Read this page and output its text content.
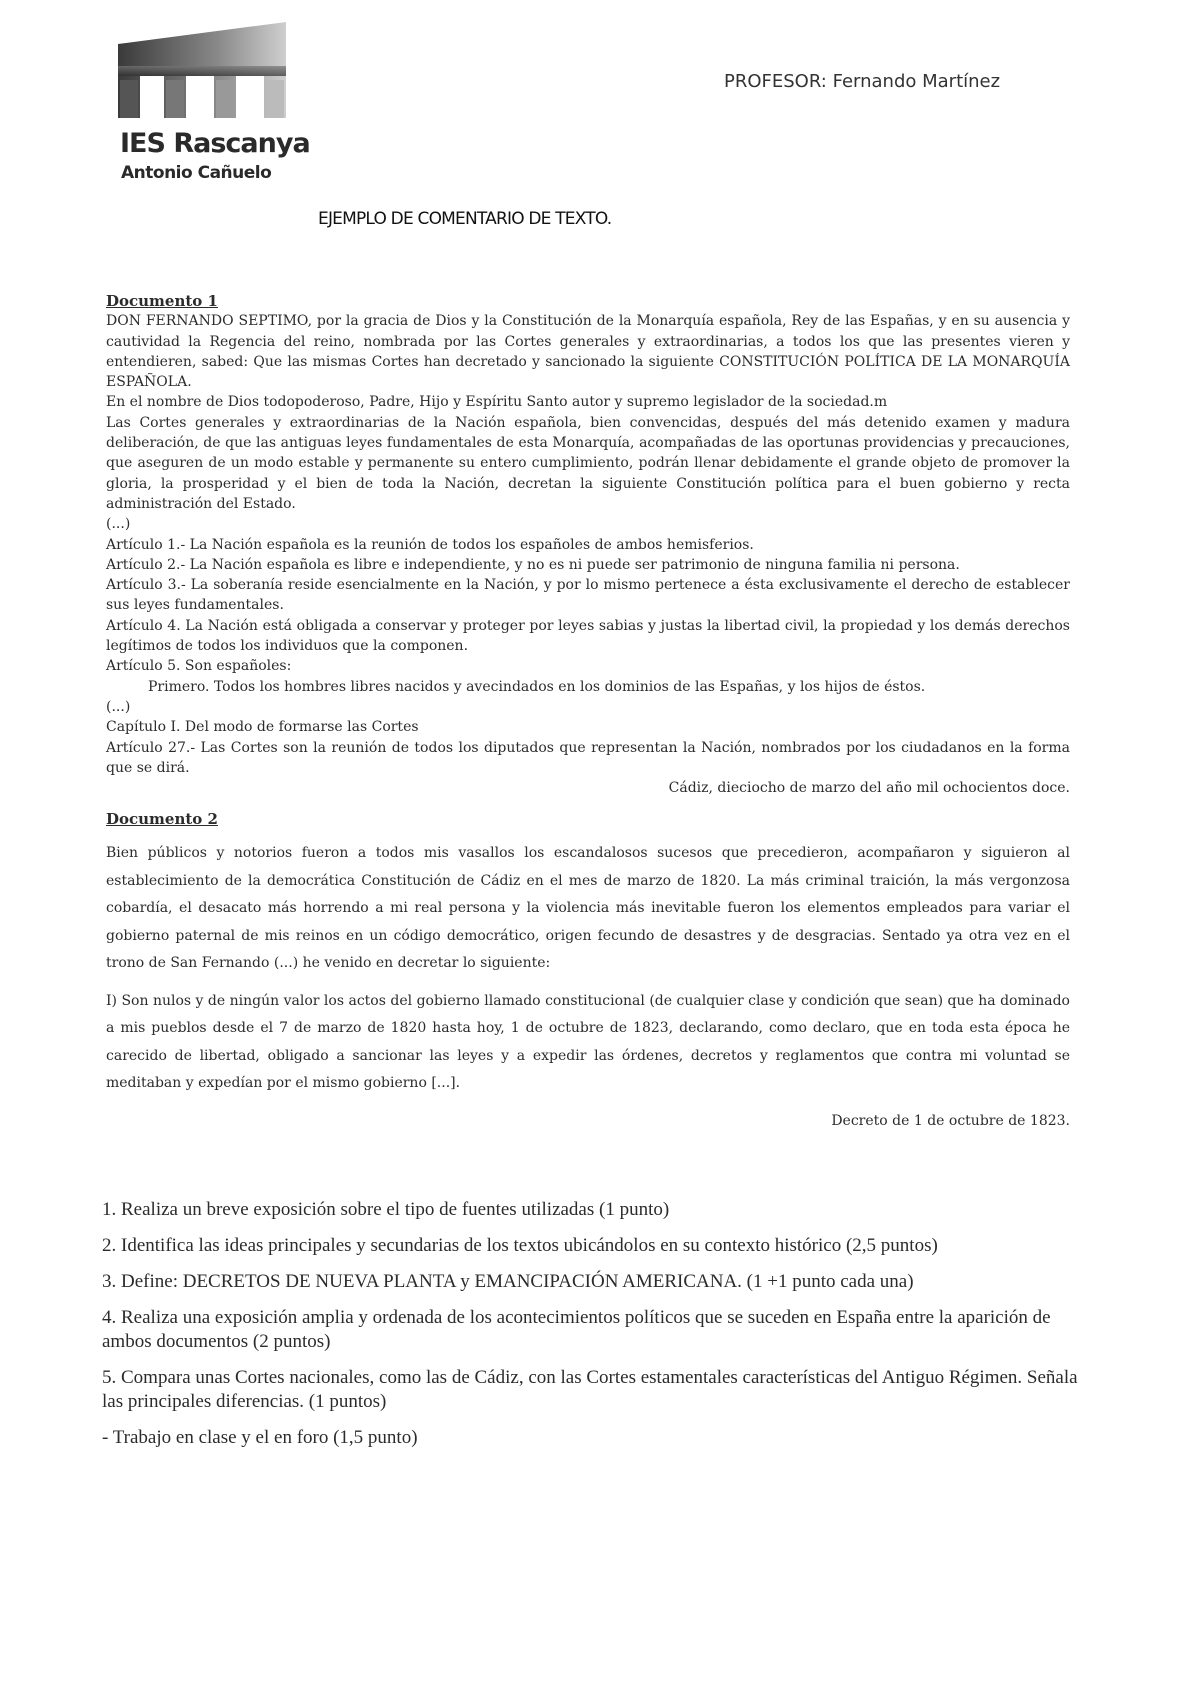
IES Rascanya
Antonio Cañuelo
PROFESOR: Fernando Martínez
EJEMPLO DE COMENTARIO DE TEXTO.

Documento 1

DON FERNANDO SEPTIMO, por la gracia de Dios y la Constitución de la Monarquía española, Rey de las Españas, y en su ausencia y cautividad la Regencia del reino, nombrada por las Cortes generales y extraordinarias, a todos los que las presentes vieren y entendieren, sabed: Que las mismas Cortes han decretado y sancionado la siguiente CONSTITUCIÓN POLÍTICA DE LA MONARQUÍA ESPAÑOLA.

En el nombre de Dios todopoderoso, Padre, Hijo y Espíritu Santo autor y supremo legislador de la sociedad.m

Las Cortes generales y extraordinarias de la Nación española, bien convencidas, después del más detenido examen y madura deliberación, de que las antiguas leyes fundamentales de esta Monarquía, acompañadas de las oportunas providencias y precauciones, que aseguren de un modo estable y permanente su entero cumplimiento, podrán llenar debidamente el grande objeto de promover la gloria, la prosperidad y el bien de toda la Nación, decretan la siguiente Constitución política para el buen gobierno y recta administración del Estado.

(...)

Artículo 1.- La Nación española es la reunión de todos los españoles de ambos hemisferios.

Artículo 2.- La Nación española es libre e independiente, y no es ni puede ser patrimonio de ninguna familia ni persona.

Artículo 3.- La soberanía reside esencialmente en la Nación, y por lo mismo pertenece a ésta exclusivamente el derecho de establecer sus leyes fundamentales.

Artículo 4. La Nación está obligada a conservar y proteger por leyes sabias y justas la libertad civil, la propiedad y los demás derechos legítimos de todos los individuos que la componen.

Artículo 5. Son españoles:

Primero. Todos los hombres libres nacidos y avecindados en los dominios de las Españas, y los hijos de éstos.

(...)

Capítulo I. Del modo de formarse las Cortes

Artículo 27.- Las Cortes son la reunión de todos los diputados que representan la Nación, nombrados por los ciudadanos en la forma que se dirá.

Cádiz, dieciocho de marzo del año mil ochocientos doce.

Documento 2

Bien públicos y notorios fueron a todos mis vasallos los escandalosos sucesos que precedieron, acompañaron y siguieron al establecimiento de la democrática Constitución de Cádiz en el mes de marzo de 1820. La más criminal traición, la más vergonzosa cobardía, el desacato más horrendo a mi real persona y la violencia más inevitable fueron los elementos empleados para variar el gobierno paternal de mis reinos en un código democrático, origen fecundo de desastres y de desgracias. Sentado ya otra vez en el trono de San Fernando (...) he venido en decretar lo siguiente:

I) Son nulos y de ningún valor los actos del gobierno llamado constitucional (de cualquier clase y condición que sean) que ha dominado a mis pueblos desde el 7 de marzo de 1820 hasta hoy, 1 de octubre de 1823, declarando, como declaro, que en toda esta época he carecido de libertad, obligado a sancionar las leyes y a expedir las órdenes, decretos y reglamentos que contra mi voluntad se meditaban y expedían por el mismo gobierno [...].

Decreto de 1 de octubre de 1823.

1. Realiza un breve exposición sobre el tipo de fuentes utilizadas (1 punto)

2. Identifica las ideas principales y secundarias de los textos ubicándolos en su contexto histórico (2,5 puntos)

3. Define: DECRETOS DE NUEVA PLANTA y EMANCIPACIÓN AMERICANA. (1 +1 punto cada una)

4. Realiza una exposición amplia y ordenada de los acontecimientos políticos que se suceden en España entre la aparición de ambos documentos (2 puntos)

5. Compara unas Cortes nacionales, como las de Cádiz, con las Cortes estamentales características del Antiguo Régimen. Señala las principales diferencias. (1 puntos)

- Trabajo en clase y el en foro (1,5 punto)
